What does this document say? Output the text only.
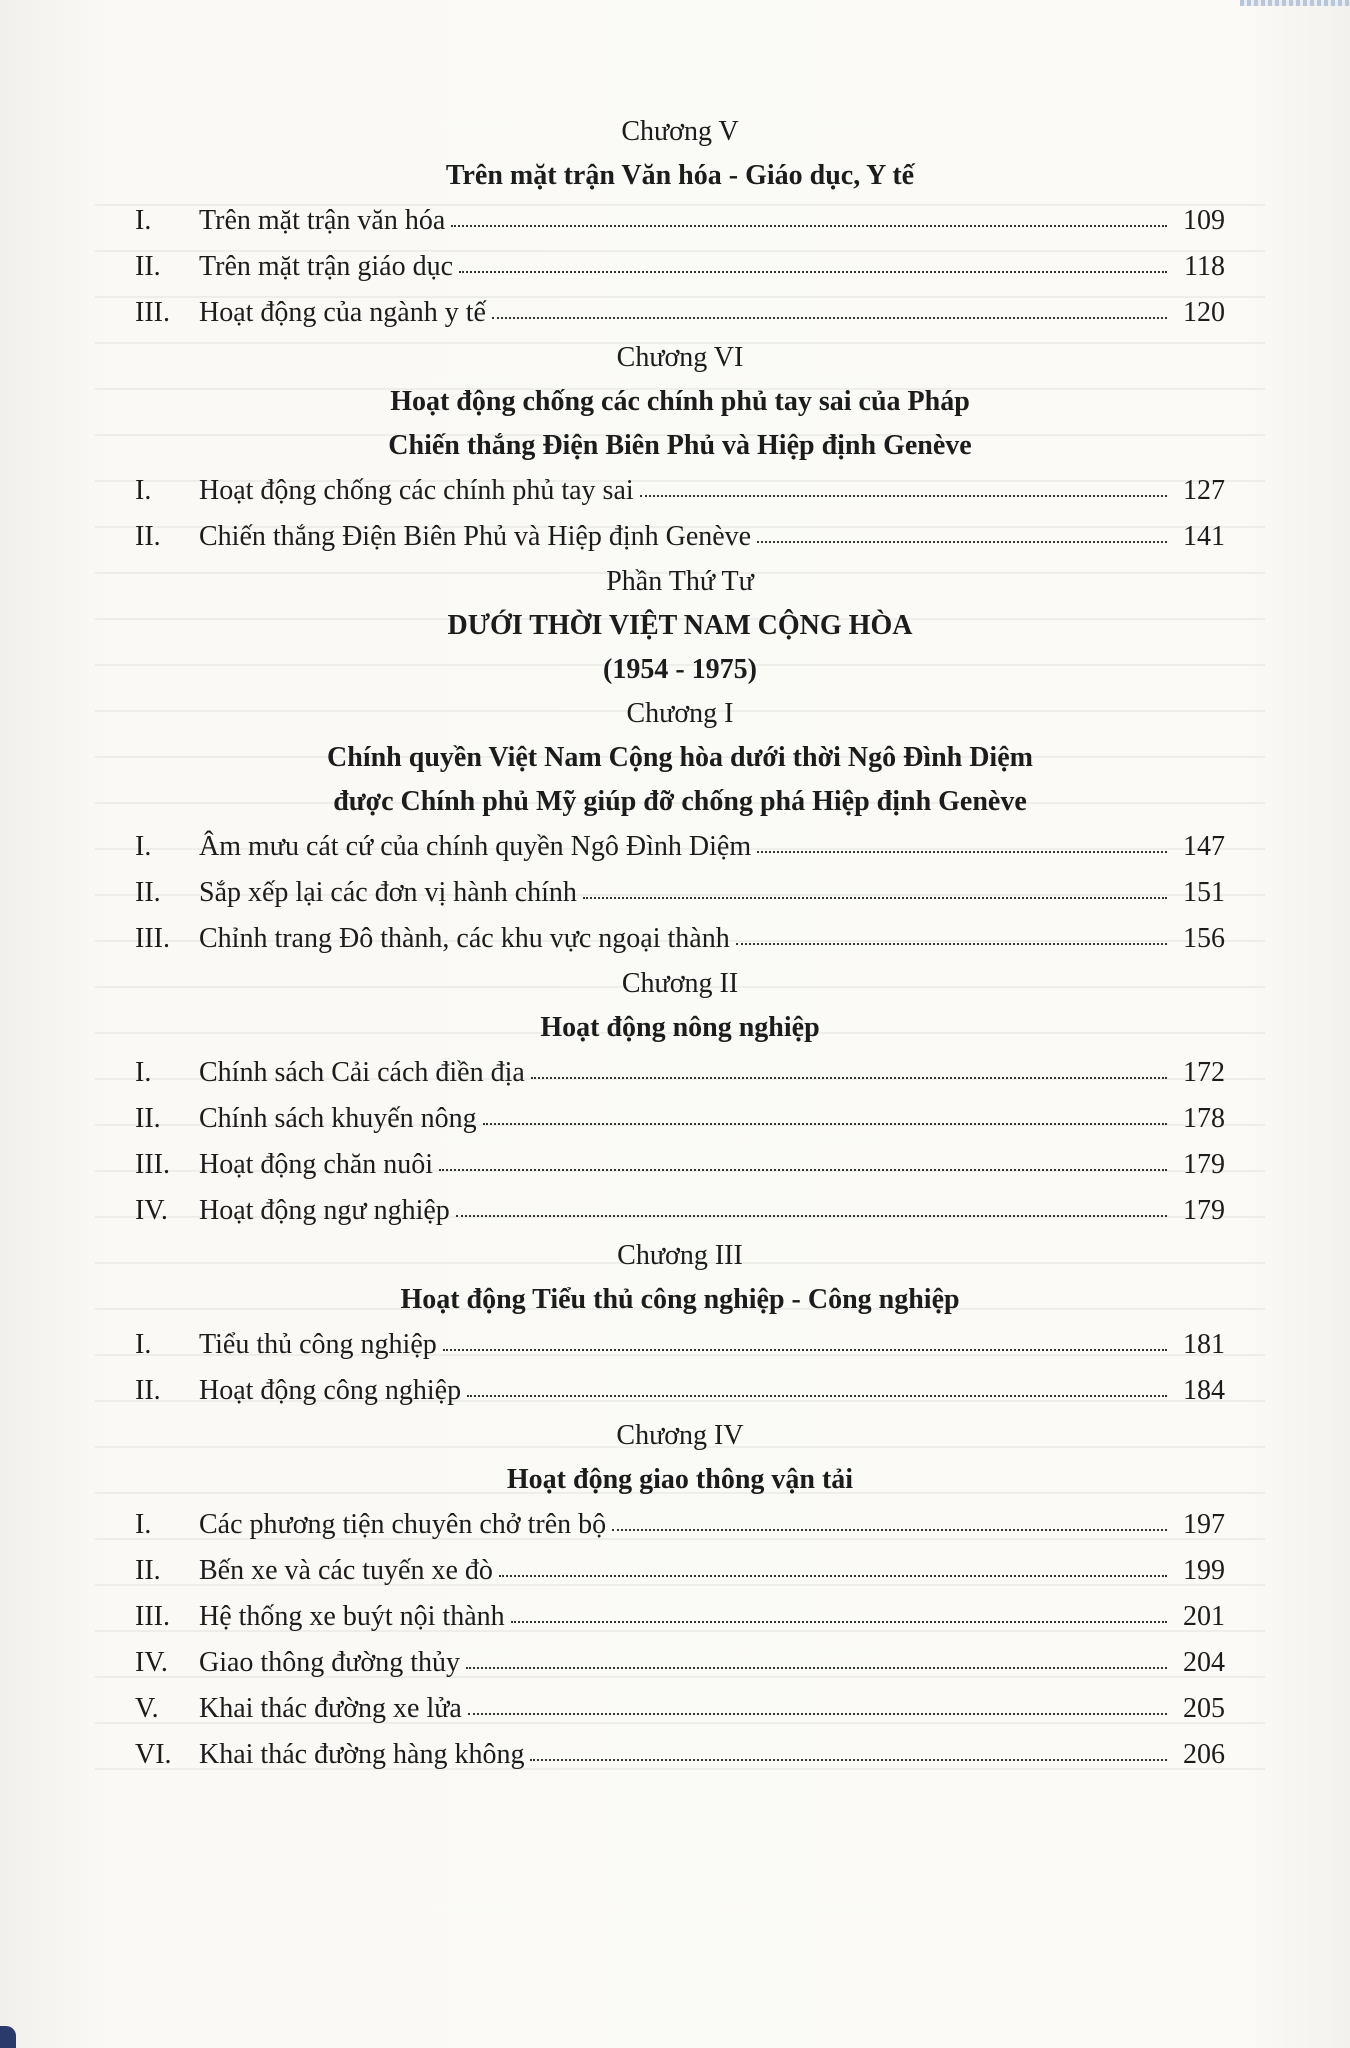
Chương V

Trên mặt trận Văn hóa - Giáo dục, Y tế

I.	Trên mặt trận văn hóa	109
II.	Trên mặt trận giáo dục	118
III.	Hoạt động của ngành y tế	120

Chương VI

Hoạt động chống các chính phủ tay sai của Pháp

Chiến thắng Điện Biên Phủ và Hiệp định Genève

I.	Hoạt động chống các chính phủ tay sai	127
II.	Chiến thắng Điện Biên Phủ và Hiệp định Genève	141

Phần Thứ Tư

DƯỚI THỜI VIỆT NAM CỘNG HÒA

(1954 - 1975)

Chương I

Chính quyền Việt Nam Cộng hòa dưới thời Ngô Đình Diệm

được Chính phủ Mỹ giúp đỡ chống phá Hiệp định Genève

I.	Âm mưu cát cứ của chính quyền Ngô Đình Diệm	147
II.	Sắp xếp lại các đơn vị hành chính	151
III.	Chỉnh trang Đô thành, các khu vực ngoại thành	156

Chương II

Hoạt động nông nghiệp

I.	Chính sách Cải cách điền địa	172
II.	Chính sách khuyến nông	178
III.	Hoạt động chăn nuôi	179
IV.	Hoạt động ngư nghiệp	179

Chương III

Hoạt động Tiểu thủ công nghiệp - Công nghiệp

I.	Tiểu thủ công nghiệp	181
II.	Hoạt động công nghiệp	184

Chương IV

Hoạt động giao thông vận tải

I.	Các phương tiện chuyên chở trên bộ	197
II.	Bến xe và các tuyến xe đò	199
III.	Hệ thống xe buýt nội thành	201
IV.	Giao thông đường thủy	204
V.	Khai thác đường xe lửa	205
VI. Khai thác đường hàng không	206
